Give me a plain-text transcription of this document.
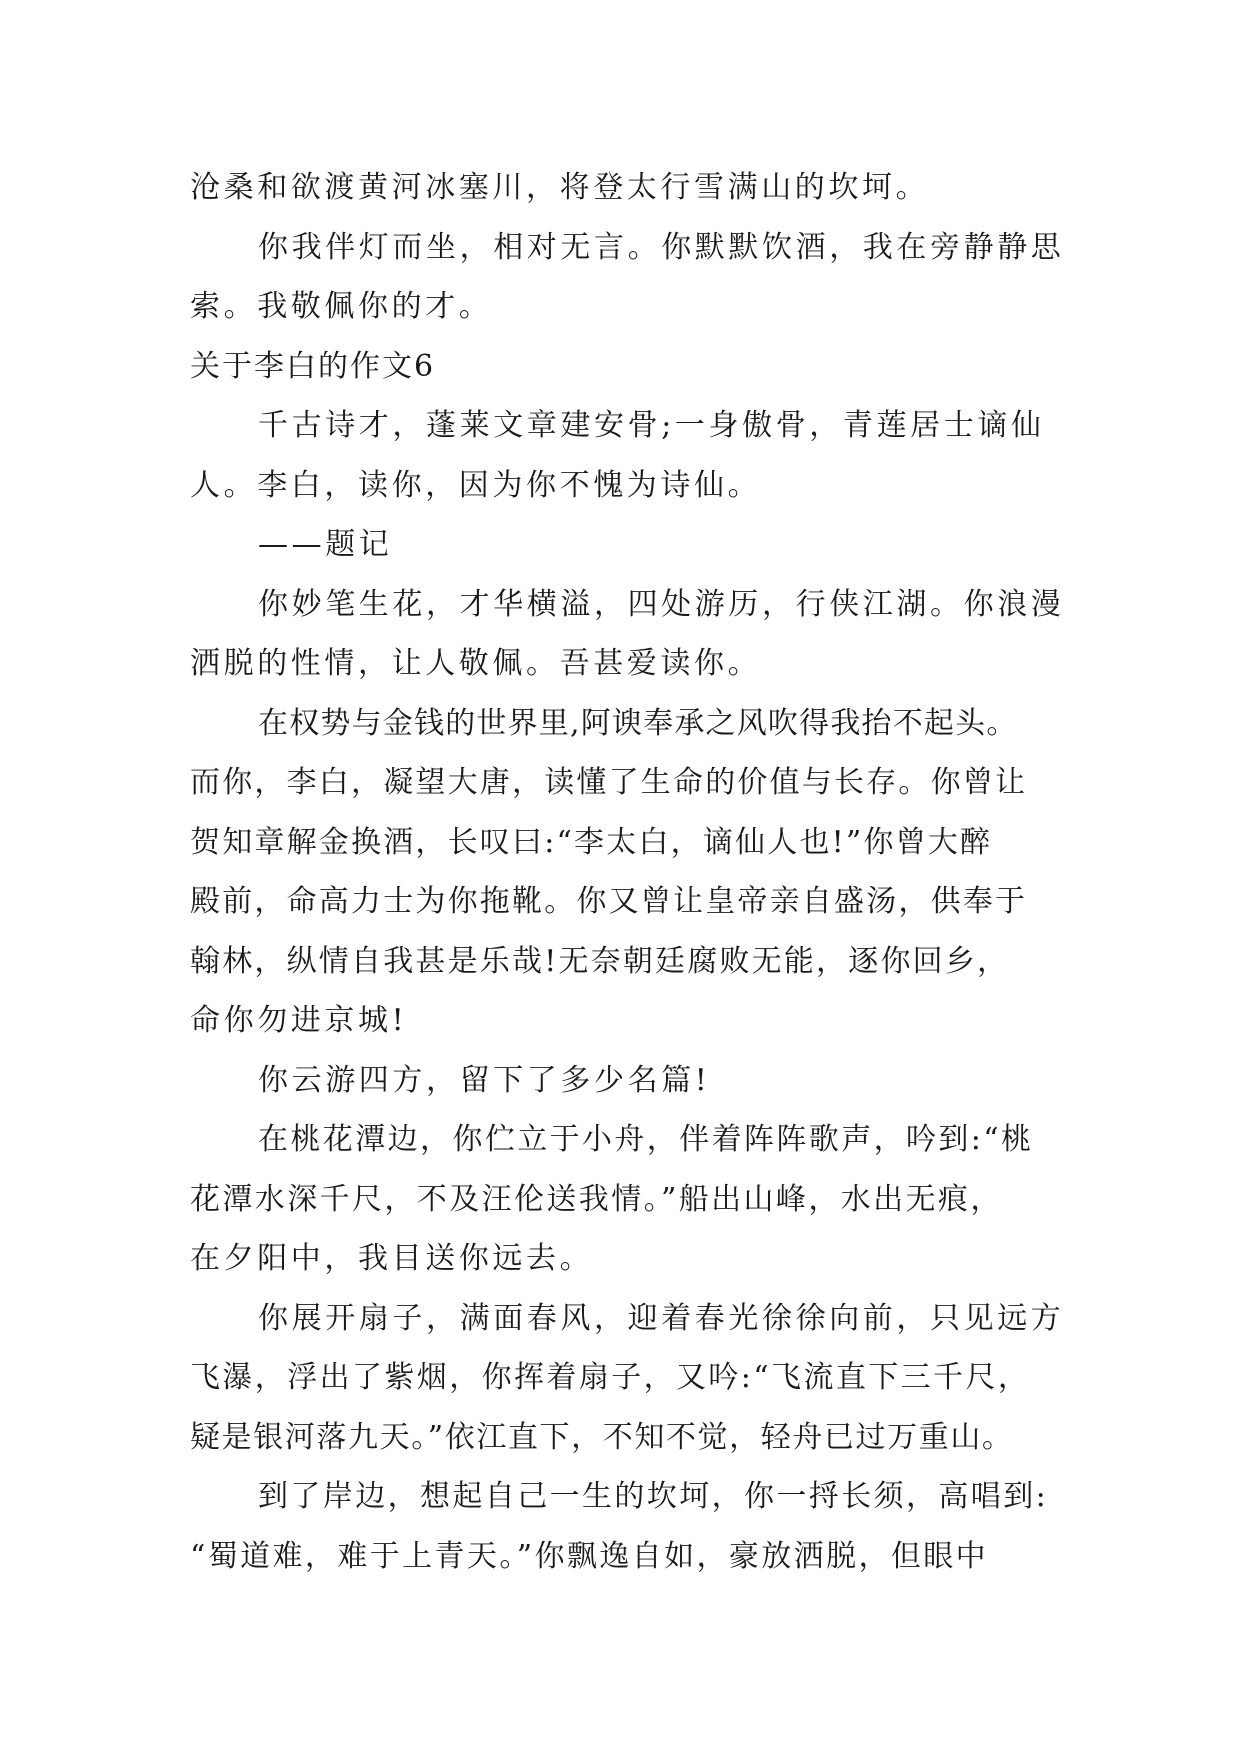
沧桑和欲渡黄河冰塞川，将登太行雪满山的坎坷。
你我伴灯而坐，相对无言。你默默饮酒，我在旁静静思
索。我敬佩你的才。
关于李白的作文6
千古诗才，蓬莱文章建安骨;一身傲骨，青莲居士谪仙
人。李白，读你，因为你不愧为诗仙。
——题记
你妙笔生花，才华横溢，四处游历，行侠江湖。你浪漫
洒脱的性情，让人敬佩。吾甚爱读你。
在权势与金钱的世界里,阿谀奉承之风吹得我抬不起头。
而你，李白，凝望大唐，读懂了生命的价值与长存。你曾让
贺知章解金换酒，长叹曰:“李太白，谪仙人也!”你曾大醉
殿前，命高力士为你拖靴。你又曾让皇帝亲自盛汤，供奉于
翰林，纵情自我甚是乐哉!无奈朝廷腐败无能，逐你回乡，
命你勿进京城!
你云游四方，留下了多少名篇!
在桃花潭边，你伫立于小舟，伴着阵阵歌声，吟到:“桃
花潭水深千尺，不及汪伦送我情。”船出山峰，水出无痕，
在夕阳中，我目送你远去。
你展开扇子，满面春风，迎着春光徐徐向前，只见远方
飞瀑，浮出了紫烟，你挥着扇子，又吟:“飞流直下三千尺，
疑是银河落九天。”依江直下，不知不觉，轻舟已过万重山。
到了岸边，想起自己一生的坎坷，你一捋长须，高唱到:
“蜀道难，难于上青天。”你飘逸自如，豪放洒脱，但眼中
